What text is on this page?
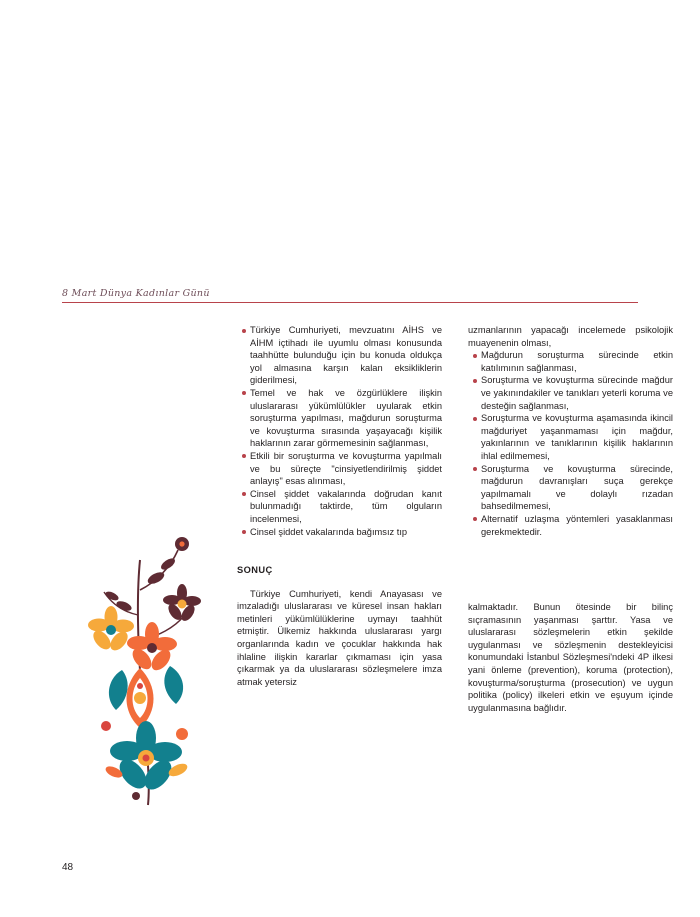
8 Mart Dünya Kadınlar Günü

Türkiye Cumhuriyeti, mevzuatını AİHS ve AİHM içtihadı ile uyumlu olması konusunda taahhütte bulunduğu için bu konuda oldukça yol almasına karşın kalan eksikliklerin giderilmesi,

Temel ve hak ve özgürlüklere ilişkin uluslararası yükümlülükler uyularak etkin soruşturma yapılması, mağdurun soruşturma ve kovuşturma sırasında yaşayacağı kişilik haklarının zarar görmemesinin sağlanması,

Etkili bir soruşturma ve kovuşturma yapılmalı ve bu süreçte "cinsiyetlendirilmiş şiddet anlayış" esas alınması,

Cinsel şiddet vakalarında doğrudan kanıt bulunmadığı taktirde, tüm olguların incelenmesi,

Cinsel şiddet vakalarında bağımsız tıp

SONUÇ

Türkiye Cumhuriyeti, kendi Anayasası ve imzaladığı uluslararası ve küresel insan hakları metinleri yükümlülüklerine uymayı taahhüt etmiştir. Ülkemiz hakkında uluslararası yargı organlarında kadın ve çocuklar hakkında hak ihlaline ilişkin kararlar çıkmaması için yasa çıkarmak ya da uluslararası sözleşmelere imza atmak yetersiz

uzmanlarının yapacağı incelemede psikolojik muayenenin olması,

Mağdurun soruşturma sürecinde etkin katılımının sağlanması,

Soruşturma ve kovuşturma sürecinde mağdur ve yakınındakiler ve tanıkları yeterli koruma ve desteğin sağlanması,

Soruşturma ve kovuşturma aşamasında ikincil mağduriyet yaşanmaması için mağdur, yakınlarının ve tanıklarının kişilik haklarının ihlal edilmemesi,

Soruşturma ve kovuşturma sürecinde, mağdurun davranışları suça gerekçe yapılmamalı ve dolaylı rızadan bahsedilmemesi,

Alternatif uzlaşma yöntemleri yasaklanması gerekmektedir.

kalmaktadır. Bunun ötesinde bir bilinç sıçramasının yaşanması şarttır. Yasa ve uluslararası sözleşmelerin etkin şekilde uygulanması ve sözleşmenin destekleyicisi konumundaki İstanbul Sözleşmesi'ndeki 4P ilkesi yani önleme (prevention), koruma (protection), kovuşturma/soruşturma (prosecution) ve uygun politika (policy) ilkeleri etkin ve eşuyum içinde uygulanmasına bağlıdır.

48
